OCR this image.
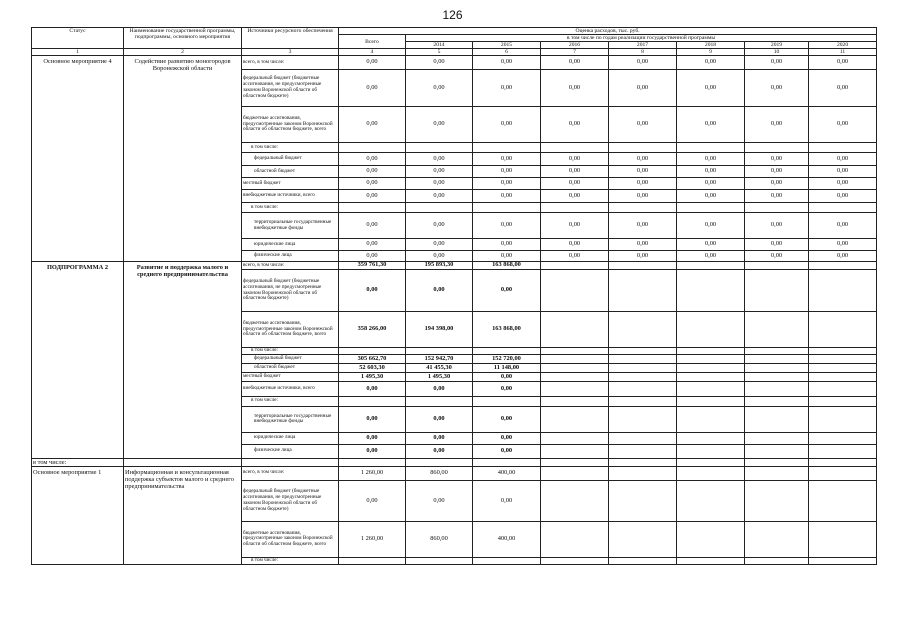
126
Статус	Наименование государственной программы, подпрограммы, основного мероприятия	Источники ресурсного обеспечения	Оценка расходов, тыс. руб.							
			Всего	в том числе по годам реализации государственной программы						
				2014	2015	2016	2017	2018	2019	2020

1	2	3	4	5	6	7	8	9	10	11
Основное мероприятие 4	Содействие развитию моногородов Воронежской области	всего, в том числе:	0,00	0,00	0,00	0,00	0,00	0,00	0,00	0,00
		федеральный бюджет (бюджетные ассигнования, не предусмотренные законом Воронежской области об областном бюджете)	0,00	0,00	0,00	0,00	0,00	0,00	0,00	0,00
		бюджетные ассигнования, предусмотренные законом Воронежской области об областном бюджете, всего	0,00	0,00	0,00	0,00	0,00	0,00	0,00	0,00
		в том числе:								
		федеральный бюджет	0,00	0,00	0,00	0,00	0,00	0,00	0,00	0,00
		областной бюджет	0,00	0,00	0,00	0,00	0,00	0,00	0,00	0,00
		местный бюджет	0,00	0,00	0,00	0,00	0,00	0,00	0,00	0,00
		внебюджетные источники, всего	0,00	0,00	0,00	0,00	0,00	0,00	0,00	0,00
		в том числе:								
		территориальные государственные внебюджетные фонды	0,00	0,00	0,00	0,00	0,00	0,00	0,00	0,00
		юридические лица	0,00	0,00	0,00	0,00	0,00	0,00	0,00	0,00
		физические лица	0,00	0,00	0,00	0,00	0,00	0,00	0,00	0,00
ПОДПРОГРАММА 2	Развитие и поддержка малого и среднего предпринимательства	всего, в том числе:	359 761,30	195 893,30	163 868,00					
		федеральный бюджет (бюджетные ассигнования, не предусмотренные законом Воронежской области об областном бюджете)	0,00	0,00	0,00					
		бюджетные ассигнования, предусмотренные законом Воронежской области об областном бюджете, всего	358 266,00	194 398,00	163 868,00					
		в том числе:								
		федеральный бюджет	305 662,70	152 942,70	152 720,00					
		областной бюджет	52 603,30	41 455,30	11 148,00					
		местный бюджет	1 495,30	1 495,30	0,00					
		внебюджетные источники, всего	0,00	0,00	0,00					
		в том числе:								
		территориальные государственные внебюджетные фонды	0,00	0,00	0,00					
		юридические лица	0,00	0,00	0,00					
		физические лица	0,00	0,00	0,00					
в том числе:										
Основное мероприятие 1	Информационная и консультационная поддержка субъектов малого и среднего предпринимательства	всего, в том числе:	1 260,00	860,00	400,00					
		федеральный бюджет (бюджетные ассигнования, не предусмотренные законом Воронежской области об областном бюджете)	0,00	0,00	0,00					
		бюджетные ассигнования, предусмотренные законом Воронежской области об областном бюджете, всего	1 260,00	860,00	400,00					
		в том числе:								
